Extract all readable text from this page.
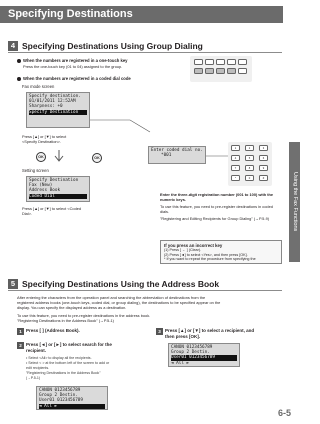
Specifying Destinations
Using the Fax Functions
4 Specifying Destinations Using Group Dialing
When the numbers are registered in a one-touch key
Press the one-touch key (01 to 04) assigned to the group.
When the numbers are registered in a coded dial code
Fax mode screen
Specify destination.
01/01/2011 12:52AM
Sharpness: +0
Specify Destination
Press [▲] or [▼] to select <Specify Destination>.
OK	OK
Setting screen
Specify Destination
Fax (New)
Address Book
Coded Dial
Press [▲] or [▼] to select <Coded Dial>.
Enter coded dial no.
*001
1	2	3
4	5	6
7	8	9
*	0	#
Enter the three-digit registration number (001 to 100) with the numeric keys.
To use this feature, you need to pre-register destinations in coded dials.
"Registering and Editing Recipients for Group Dialing" (→P.5-9)
If you press an incorrect key
(1) Press [ ← ] (Clear).
(2) Press [◄] to select <Yes>, and then press [OK].
* If you want to repeat the procedure from specifying the
5 Specifying Destinations Using the Address Book
After entering the characters from the operation panel and searching the abbreviation of destinations from the
registered address books (one-touch keys, coded dial, or group dialing), the destinations to be specified appear on the
display. You can specify the displayed address as a destination.
To use this feature, you need to pre-register destinations in the address book.
"Registering Destinations in the Address Book" (→P.5-1)
1 Press [ ] (Address Book).
2 Press [◄] or [►] to select search for the
recipient.
• Select <All> to display all the recipients.
• Select < > at the bottom left of the screen to add or
edit recipients.
"Registering Destinations in the Address Book"
(→P.5-1)
CANON 0123456789
Group 2 Destin.
User01 0123456789
◄ All ►
3 Press [▲] or [▼] to select a recipient, and
then press [OK].
CANON 0123456789
Group 2 Destin.
User01 0123456789
◄ All ►
6-5
